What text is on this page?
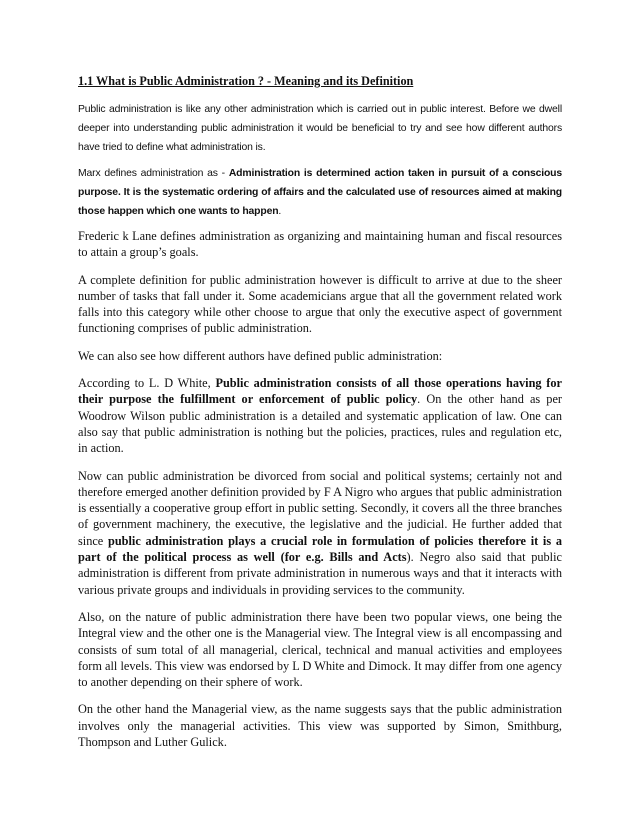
1.1 What is Public Administration ? - Meaning and its Definition

Public administration is like any other administration which is carried out in public interest. Before we dwell deeper into understanding public administration it would be beneficial to try and see how different authors have tried to define what administration is.

Marx defines administration as - Administration is determined action taken in pursuit of a conscious purpose. It is the systematic ordering of affairs and the calculated use of resources aimed at making those happen which one wants to happen.

Frederic k Lane defines administration as organizing and maintaining human and fiscal resources to attain a group’s goals.

A complete definition for public administration however is difficult to arrive at due to the sheer number of tasks that fall under it. Some academicians argue that all the government related work falls into this category while other choose to argue that only the executive aspect of government functioning comprises of public administration.

We can also see how different authors have defined public administration:

According to L. D White, Public administration consists of all those operations having for their purpose the fulfillment or enforcement of public policy. On the other hand as per Woodrow Wilson public administration is a detailed and systematic application of law. One can also say that public administration is nothing but the policies, practices, rules and regulation etc, in action.

Now can public administration be divorced from social and political systems; certainly not and therefore emerged another definition provided by F A Nigro who argues that public administration is essentially a cooperative group effort in public setting. Secondly, it covers all the three branches of government machinery, the executive, the legislative and the judicial. He further added that since public administration plays a crucial role in formulation of policies therefore it is a part of the political process as well (for e.g. Bills and Acts). Negro also said that public administration is different from private administration in numerous ways and that it interacts with various private groups and individuals in providing services to the community.

Also, on the nature of public administration there have been two popular views, one being the Integral view and the other one is the Managerial view. The Integral view is all encompassing and consists of sum total of all managerial, clerical, technical and manual activities and employees form all levels. This view was endorsed by L D White and Dimock. It may differ from one agency to another depending on their sphere of work.

On the other hand the Managerial view, as the name suggests says that the public administration involves only the managerial activities. This view was supported by Simon, Smithburg, Thompson and Luther Gulick.
